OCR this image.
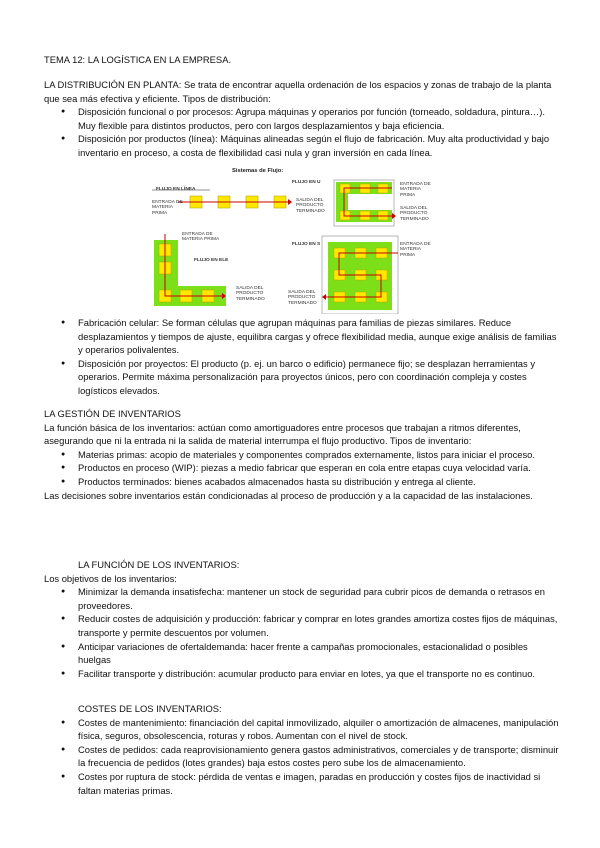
TEMA 12: LA LOGÍSTICA EN LA EMPRESA.

LA DISTRIBUCIÓN EN PLANTA: Se trata de encontrar aquella ordenación de los espacios y zonas de trabajo de la planta que sea más efectiva y eficiente. Tipos de distribución:

● Disposición funcional o por procesos: Agrupa máquinas y operarios por función (torneado, soldadura, pintura…). Muy flexible para distintos productos, pero con largos desplazamientos y baja eficiencia.
● Disposición por productos (línea): Máquinas alineadas según el flujo de fabricación. Muy alta productividad y bajo inventario en proceso, a costa de flexibilidad casi nula y gran inversión en cada línea.
Sistemas de Flujo:
FLUJO EN LÍNEA
ENTRADA DE MATERIA PRIMA
SALIDA DEL PRODUCTO TERMINADO
ENTRADA DE MATERIA PRIMA
FLUJO EN ELE
SALIDA DEL PRODUCTO TERMINADO
FLUJO EN U	ENTRADA DE MATERIA PRIMA
SALIDA DEL PRODUCTO TERMINADO
FLUJO EN S	ENTRADA DE MATERIA PRIMA
SALIDA DEL PRODUCTO TERMINADO
● Fabricación celular: Se forman células que agrupan máquinas para familias de piezas similares. Reduce desplazamientos y tiempos de ajuste, equilibra cargas y ofrece flexibilidad media, aunque exige análisis de familias y operarios polivalentes.
● Disposición por proyectos: El producto (p. ej. un barco o edificio) permanece fijo; se desplazan herramientas y operarios. Permite máxima personalización para proyectos únicos, pero con coordinación compleja y costes logísticos elevados.

LA GESTIÓN DE INVENTARIOS

La función básica de los inventarios: actúan como amortiguadores entre procesos que trabajan a ritmos diferentes, asegurando que ni la entrada ni la salida de material interrumpa el flujo productivo. Tipos de inventario:

● Materias primas: acopio de materiales y componentes comprados externamente, listos para iniciar el proceso.
● Productos en proceso (WIP): piezas a medio fabricar que esperan en cola entre etapas cuya velocidad varía.
● Productos terminados: bienes acabados almacenados hasta su distribución y entrega al cliente.

Las decisiones sobre inventarios están condicionadas al proceso de producción y a la capacidad de las instalaciones.

LA FUNCIÓN DE LOS INVENTARIOS:

Los objetivos de los inventarios:

● Minimizar la demanda insatisfecha: mantener un stock de seguridad para cubrir picos de demanda o retrasos en proveedores.
● Reducir costes de adquisición y producción: fabricar y comprar en lotes grandes amortiza costes fijos de máquinas, transporte y permite descuentos por volumen.
● Anticipar variaciones de ofertaldemanda: hacer frente a campañas promocionales, estacionalidad o posibles huelgas
● Facilitar transporte y distribución: acumular producto para enviar en lotes, ya que el transporte no es continuo.

COSTES DE LOS INVENTARIOS:

● Costes de mantenimiento: financiación del capital inmovilizado, alquiler o amortización de almacenes, manipulación física, seguros, obsolescencia, roturas y robos. Aumentan con el nivel de stock.
● Costes de pedidos: cada reaprovisionamiento genera gastos administrativos, comerciales y de transporte; disminuir la frecuencia de pedidos (lotes grandes) baja estos costes pero sube los de almacenamiento.
● Costes por ruptura de stock: pérdida de ventas e imagen, paradas en producción y costes fijos de inactividad si faltan materias primas.
